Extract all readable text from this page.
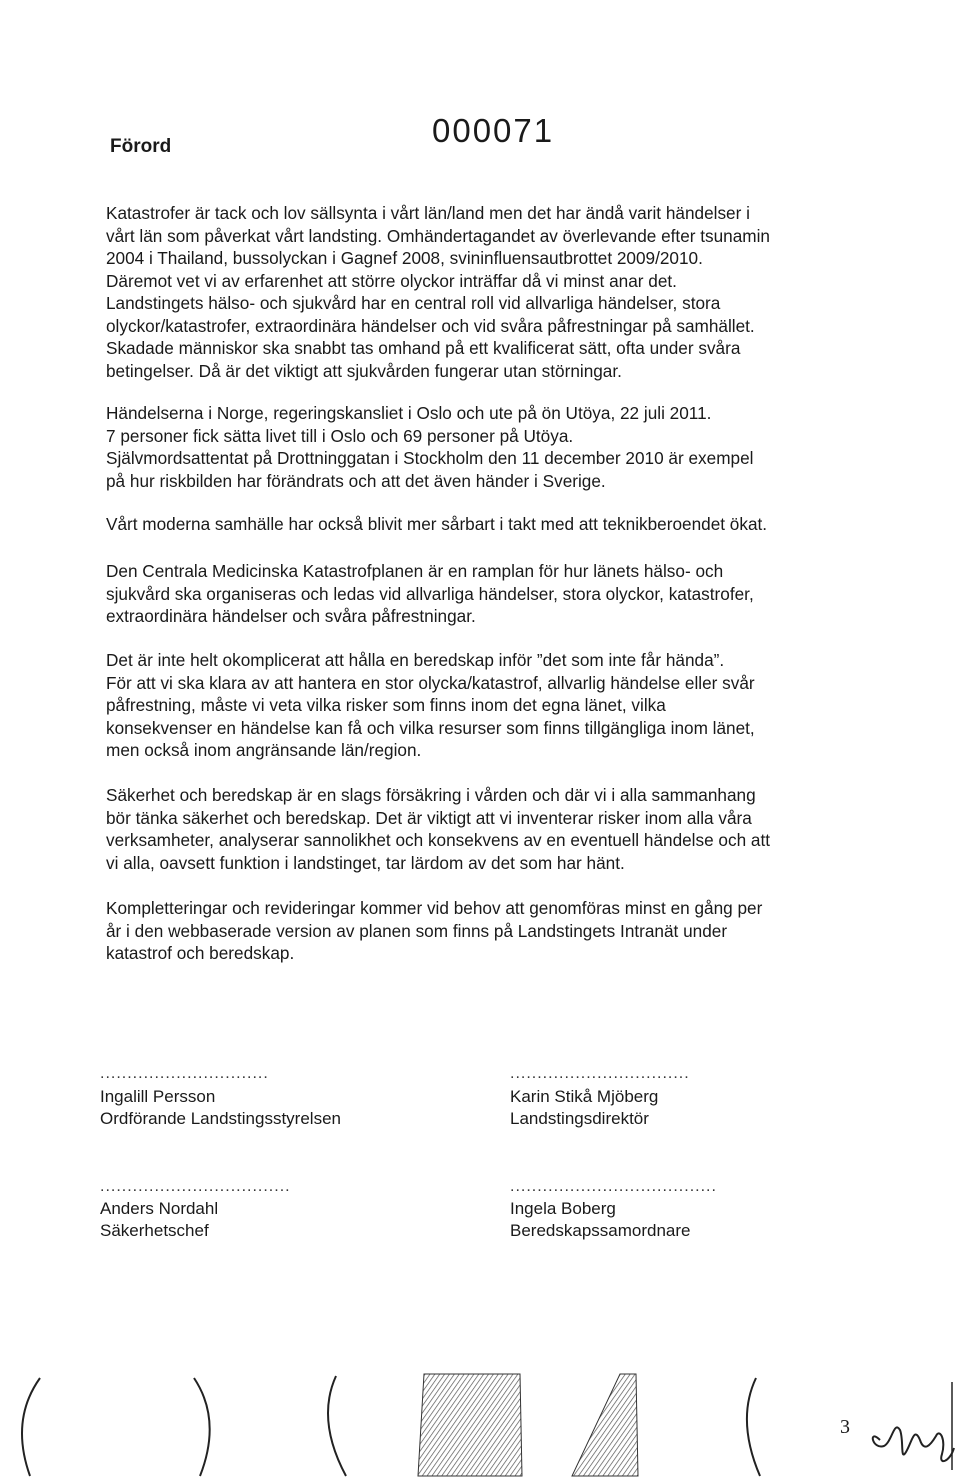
Förord	000071
Katastrofer är tack och lov sällsynta i vårt län/land men det har ändå varit händelser i
vårt län som påverkat vårt landsting. Omhändertagandet av överlevande efter tsunamin
2004 i Thailand, bussolyckan i Gagnef 2008, svininfluensautbrottet 2009/2010.
Däremot vet vi av erfarenhet att större olyckor inträffar då vi minst anar det.
Landstingets hälso- och sjukvård har en central roll vid allvarliga händelser, stora
olyckor/katastrofer, extraordinära händelser och vid svåra påfrestningar på samhället.
Skadade människor ska snabbt tas omhand på ett kvalificerat sätt, ofta under svåra
betingelser. Då är det viktigt att sjukvården fungerar utan störningar.
Händelserna i Norge, regeringskansliet i Oslo och ute på ön Utöya, 22 juli 2011.
7 personer fick sätta livet till i Oslo och 69 personer på Utöya.
Självmordsattentat på Drottninggatan i Stockholm den 11 december 2010 är exempel
på hur riskbilden har förändrats och att det även händer i Sverige.
Vårt moderna samhälle har också blivit mer sårbart i takt med att teknikberoendet ökat.
Den Centrala Medicinska Katastrofplanen är en ramplan för hur länets hälso- och
sjukvård ska organiseras och ledas vid allvarliga händelser, stora olyckor, katastrofer,
extraordinära händelser och svåra påfrestningar.
Det är inte helt okomplicerat att hålla en beredskap inför ”det som inte får hända”.
För att vi ska klara av att hantera en stor olycka/katastrof, allvarlig händelse eller svår
påfrestning, måste vi veta vilka risker som finns inom det egna länet, vilka
konsekvenser en händelse kan få och vilka resurser som finns tillgängliga inom länet,
men också inom angränsande län/region.
Säkerhet och beredskap är en slags försäkring i vården och där vi i alla sammanhang
bör tänka säkerhet och beredskap. Det är viktigt att vi inventerar risker inom alla våra
verksamheter, analyserar sannolikhet och konsekvens av en eventuell händelse och att
vi alla, oavsett funktion i landstinget, tar lärdom av det som har hänt.
Kompletteringar och revideringar kommer vid behov att genomföras minst en gång per
år i den webbaserade version av planen som finns på Landstingets Intranät under
katastrof och beredskap.
...............................
Ingalill Persson
Ordförande Landstingsstyrelsen
.................................
Karin Stikå Mjöberg
Landstingsdirektör
...................................
Anders Nordahl
Säkerhetschef
......................................
Ingela Boberg
Beredskapssamordnare
3
